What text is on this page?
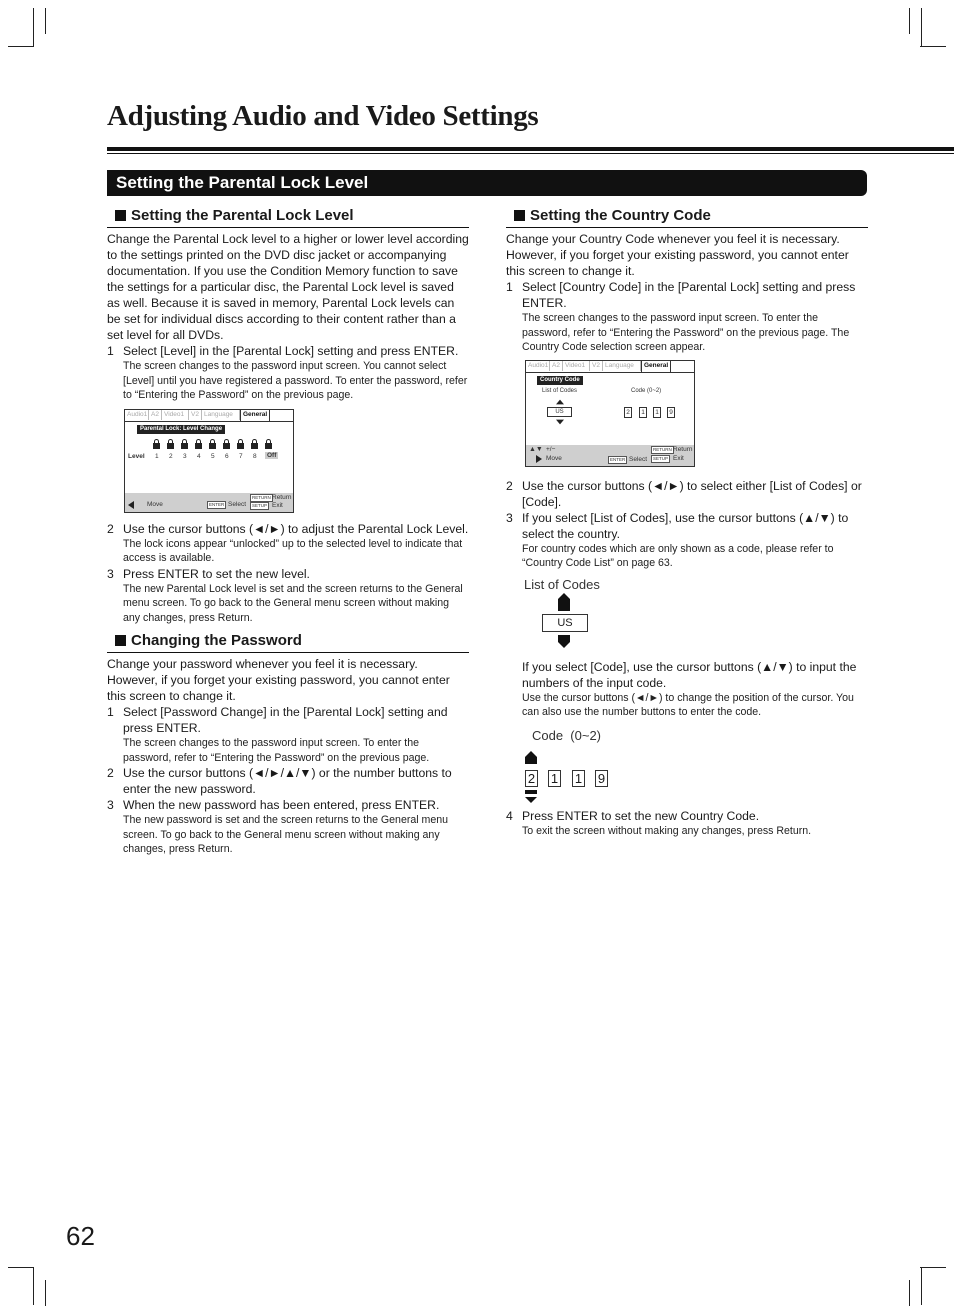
Adjusting Audio and Video Settings
Setting the Parental Lock Level
Setting the Parental Lock Level

Change the Parental Lock level to a higher or lower level according to the settings printed on the DVD disc jacket or accompanying documentation. If you use the Condition Memory function to save the settings for a particular disc, the Parental Lock level is saved as well. Because it is saved in memory, Parental Lock levels can be set for individual discs according to their content rather than a set level for all DVDs.

1 Select [Level] in the [Parental Lock] setting and press ENTER.
The screen changes to the password input screen. You cannot select [Level] until you have registered a password. To enter the password, refer to “Entering the Password” on the previous page.
Audio1 A2 Video1	V2 Language	General
Parental Lock: Level Change
Level 1 2 3 4 5 6 7 8	Off
Move	ENTER Select
RETURN Return
SETUP Exit
2 Use the cursor buttons (◄/►) to adjust the Parental Lock Level.
The lock icons appear “unlocked” up to the selected level to indicate that access is available.
3 Press ENTER to set the new level.
The new Parental Lock level is set and the screen returns to the General menu screen. To go back to the General menu screen without making any changes, press Return.
Changing the Password

Change your password whenever you feel it is necessary. However, if you forget your existing password, you cannot enter this screen to change it.

1 Select [Password Change] in the [Parental Lock] setting and press ENTER.
The screen changes to the password input screen. To enter the password, refer to “Entering the Password” on the previous page.
2 Use the cursor buttons (◄/►/▲/▼) or the number buttons to enter the new password.
3 When the new password has been entered, press ENTER.
The new password is set and the screen returns to the General menu screen. To go back to the General menu screen without making any changes, press Return.
Setting the Country Code

Change your Country Code whenever you feel it is necessary. However, if you forget your existing password, you cannot enter this screen to change it.

1 Select [Country Code] in the [Parental Lock] setting and press ENTER.
The screen changes to the password input screen. To enter the password, refer to “Entering the Password” on the previous page. The Country Code selection screen appear.
Audio1 A2 Video1	V2 Language	General
Country Code
List of Codes	Code (0~2)
US	2	1	1	9
▲▼ +/−
Move	ENTER Select
RETURN Return
SETUP Exit
2 Use the cursor buttons (◄/►) to select either [List of Codes] or [Code].
3 If you select [List of Codes], use the cursor buttons (▲/▼) to select the country.
For country codes which are only shown as a code, please refer to “Country Code List” on page 63.
List of Codes
US
If you select [Code], use the cursor buttons (▲/▼) to input the numbers of the input code.
Use the cursor buttons (◄/►) to change the position of the cursor. You can also use the number buttons to enter the code.
Code  (0~2)
2 1 1 9
4 Press ENTER to set the new Country Code.
To exit the screen without making any changes, press Return.
62
